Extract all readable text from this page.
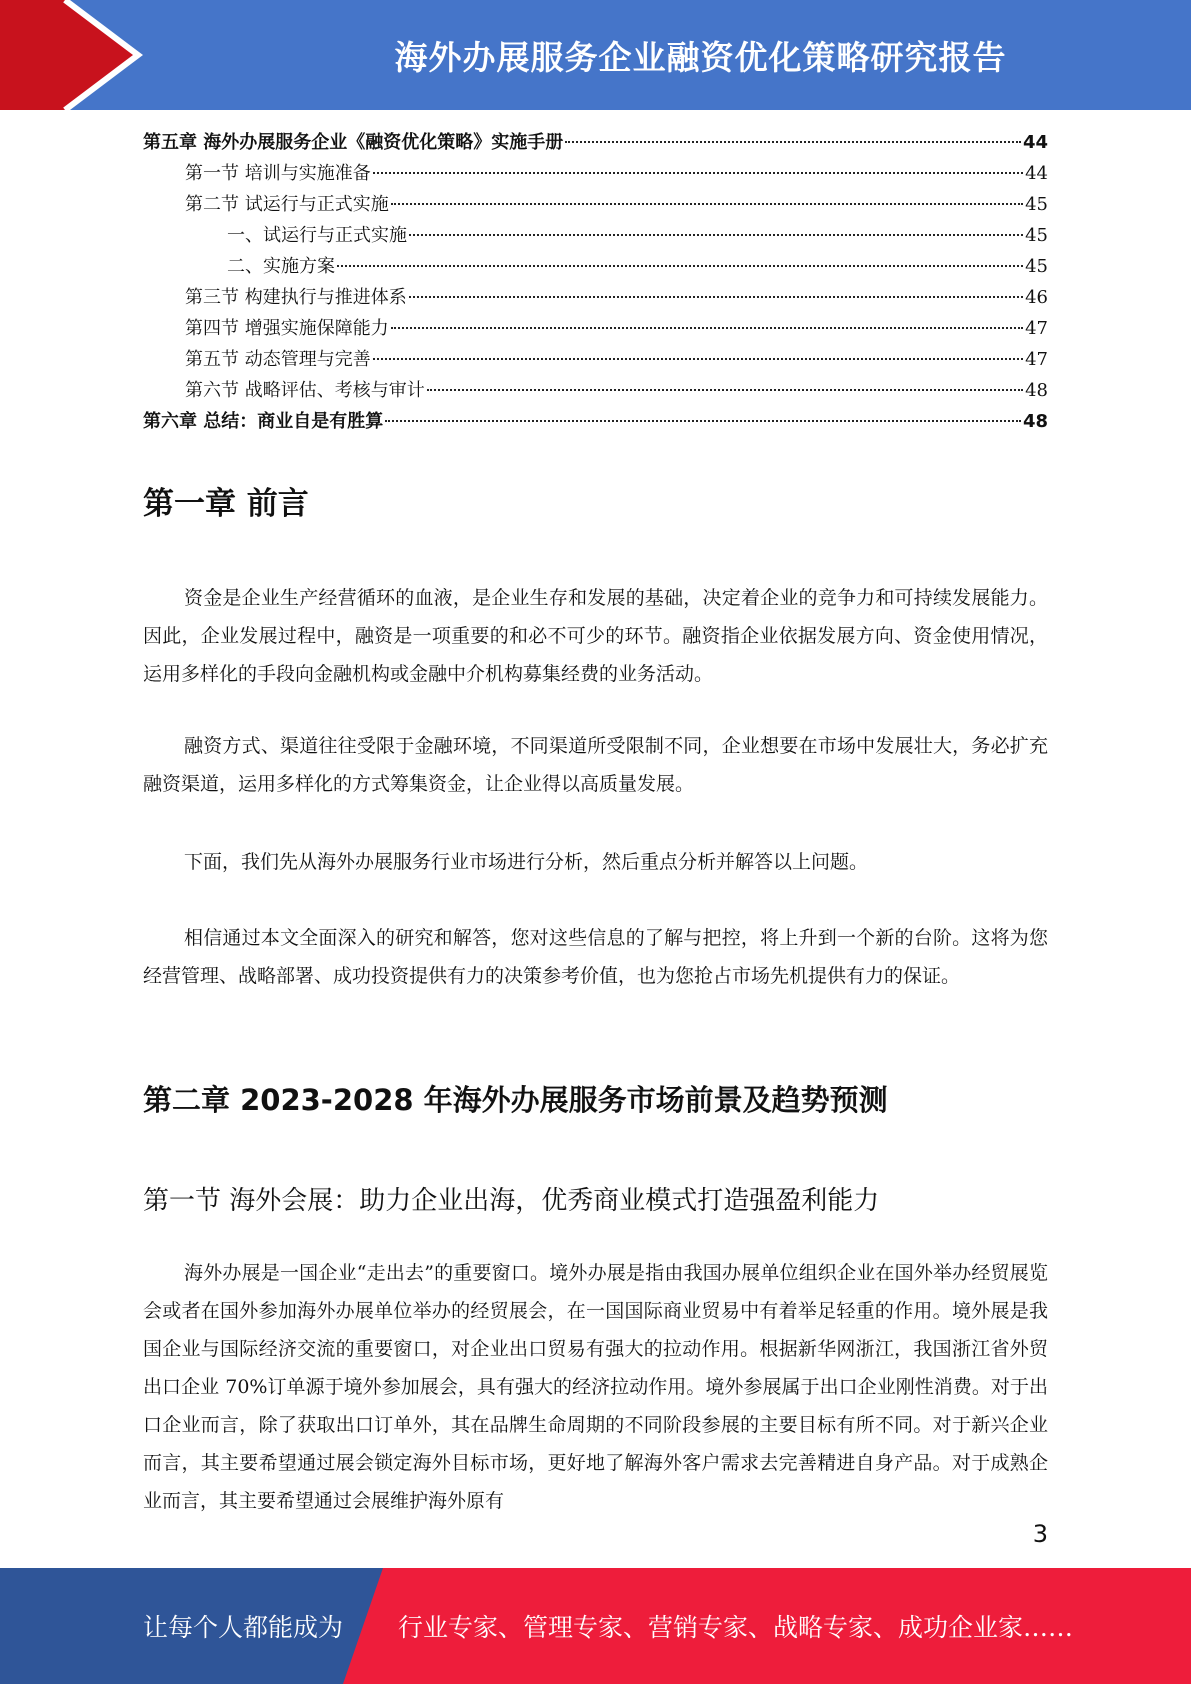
海外办展服务企业融资优化策略研究报告
第五章 海外办展服务企业《融资优化策略》实施手册	44
第一节 培训与实施准备	44
第二节 试运行与正式实施	45
一、试运行与正式实施	45
二、实施方案	45
第三节 构建执行与推进体系	46
第四节 增强实施保障能力	47
第五节 动态管理与完善	47
第六节 战略评估、考核与审计	48
第六章 总结：商业自是有胜算	48
第一章 前言

资金是企业生产经营循环的血液，是企业生存和发展的基础，决定着企业的竞争力和可持续发展能力。因此，企业发展过程中，融资是一项重要的和必不可少的环节。融资指企业依据发展方向、资金使用情况，运用多样化的手段向金融机构或金融中介机构募集经费的业务活动。

融资方式、渠道往往受限于金融环境，不同渠道所受限制不同，企业想要在市场中发展壮大，务必扩充融资渠道，运用多样化的方式筹集资金，让企业得以高质量发展。

下面，我们先从海外办展服务行业市场进行分析，然后重点分析并解答以上问题。

相信通过本文全面深入的研究和解答，您对这些信息的了解与把控，将上升到一个新的台阶。这将为您经营管理、战略部署、成功投资提供有力的决策参考价值，也为您抢占市场先机提供有力的保证。

第二章 2023-2028 年海外办展服务市场前景及趋势预测
第一节 海外会展：助力企业出海，优秀商业模式打造强盈利能力

海外办展是一国企业“走出去”的重要窗口。境外办展是指由我国办展单位组织企业在国外举办经贸展览会或者在国外参加海外办展单位举办的经贸展会，在一国国际商业贸易中有着举足轻重的作用。境外展是我国企业与国际经济交流的重要窗口，对企业出口贸易有强大的拉动作用。根据新华网浙江，我国浙江省外贸出口企业 70%订单源于境外参加展会，具有强大的经济拉动作用。境外参展属于出口企业刚性消费。对于出口企业而言，除了获取出口订单外，其在品牌生命周期的不同阶段参展的主要目标有所不同。对于新兴企业而言，其主要希望通过展会锁定海外目标市场，更好地了解海外客户需求去完善精进自身产品。对于成熟企业而言，其主要希望通过会展维护海外原有

3
让每个人都能成为 行业专家、管理专家、营销专家、战略专家、成功企业家……
